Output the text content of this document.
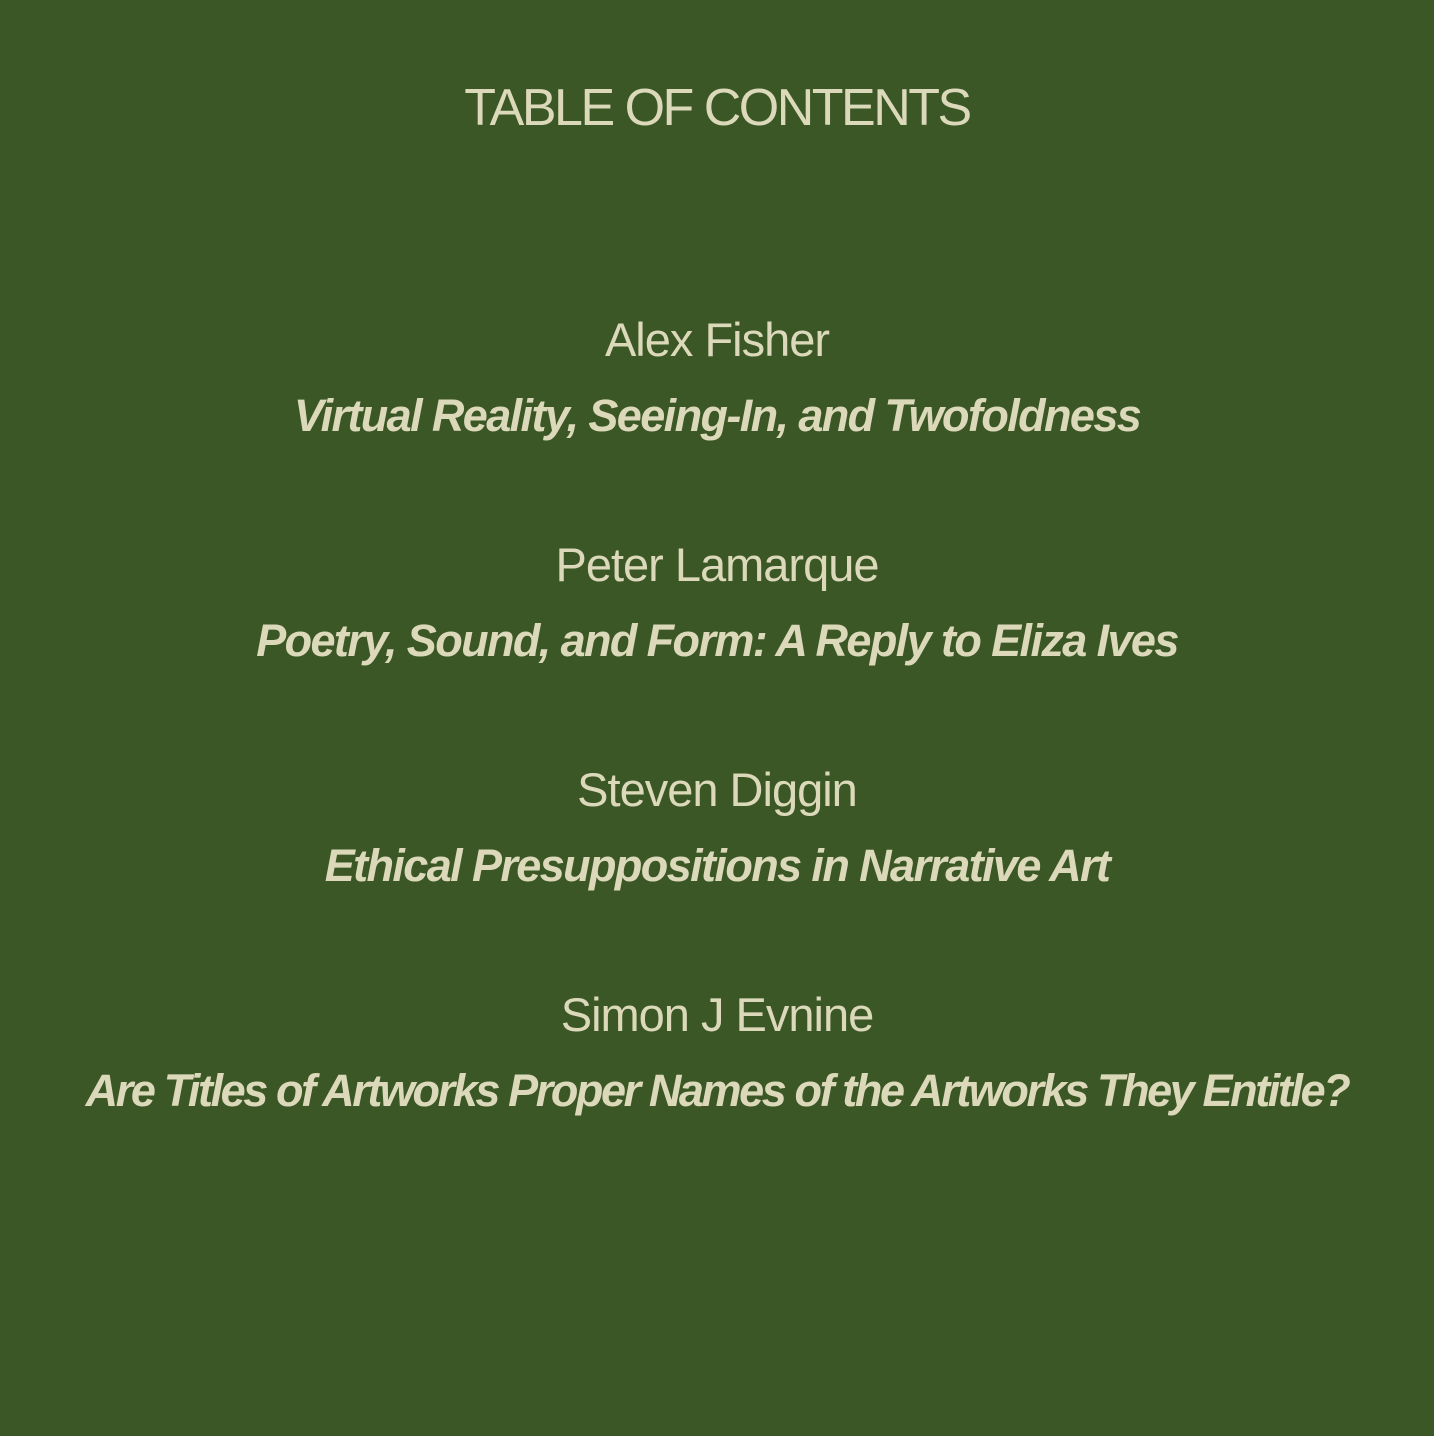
TABLE OF CONTENTS
Alex Fisher
Virtual Reality, Seeing-In, and Twofoldness
Peter Lamarque
Poetry, Sound, and Form: A Reply to Eliza Ives
Steven Diggin
Ethical Presuppositions in Narrative Art
Simon J Evnine
Are Titles of Artworks Proper Names of the Artworks They Entitle?
